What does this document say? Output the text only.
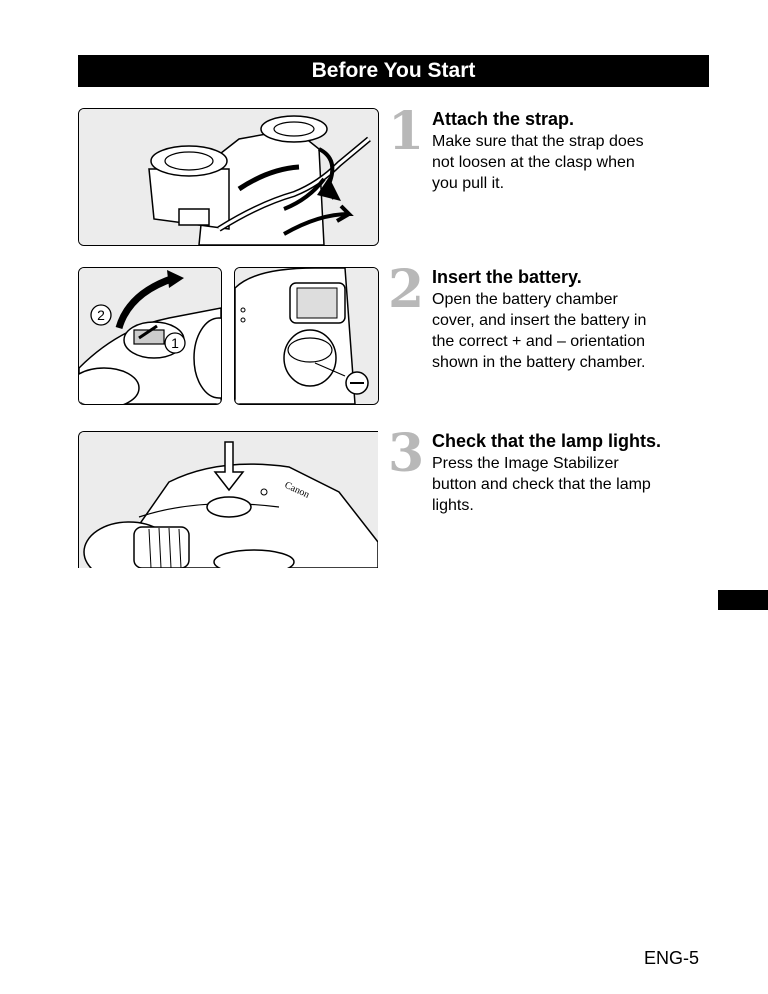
Before You Start
1 Attach the strap.
Make sure that the strap does
not loosen at the clasp when
you pull it.
2
1
2 Insert the battery.
Open the battery chamber
cover, and insert the battery in
the correct + and – orientation
shown in the battery chamber.
Canon
3 Check that the lamp lights.
Press the Image Stabilizer
button and check that the lamp
lights.
ENG-5
